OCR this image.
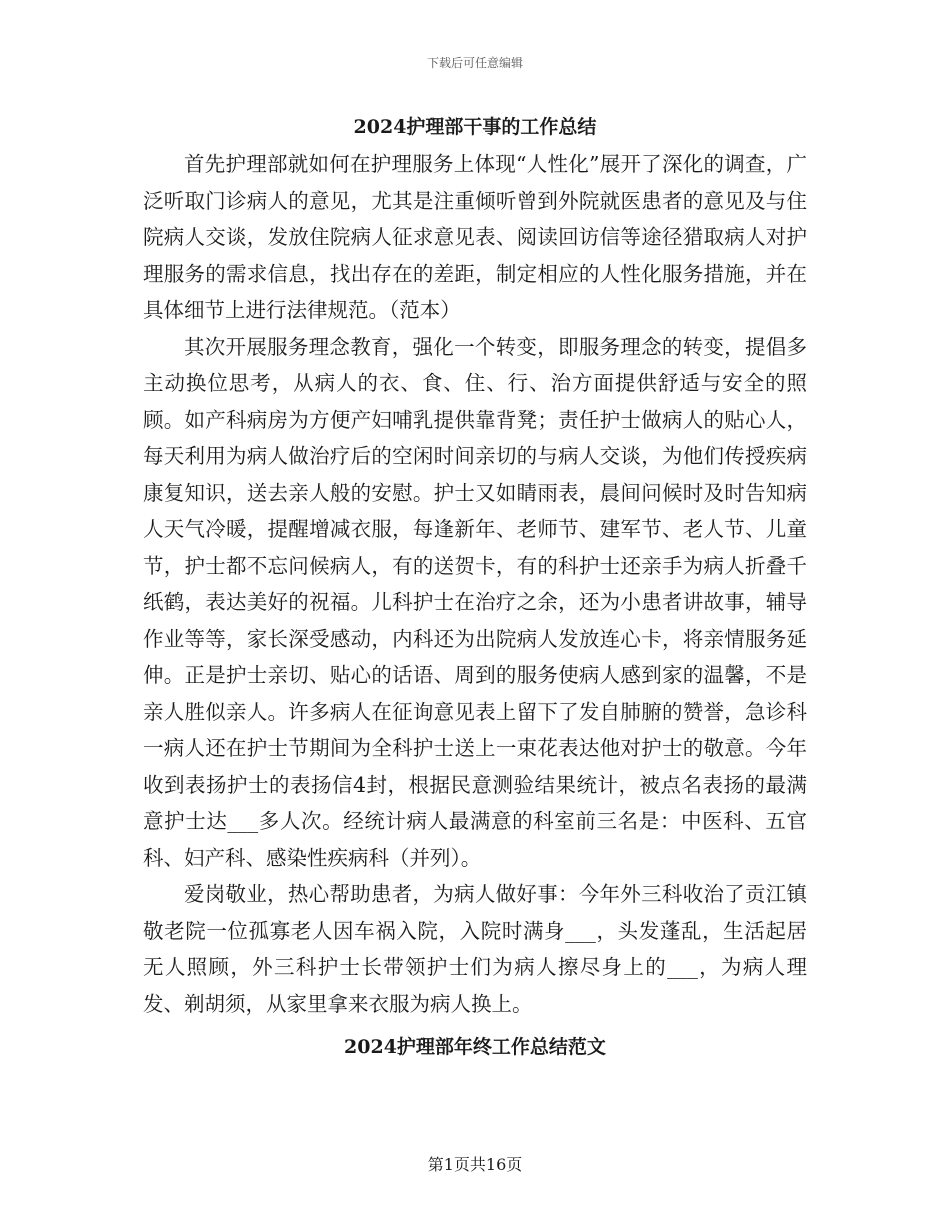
下载后可任意编辑
2024护理部干事的工作总结

首先护理部就如何在护理服务上体现“人性化”展开了深化的调查，广泛听取门诊病人的意见，尤其是注重倾听曾到外院就医患者的意见及与住院病人交谈，发放住院病人征求意见表、阅读回访信等途径猎取病人对护理服务的需求信息，找出存在的差距，制定相应的人性化服务措施，并在具体细节上进行法律规范。（范本）

其次开展服务理念教育，强化一个转变，即服务理念的转变，提倡多主动换位思考，从病人的衣、食、住、行、治方面提供舒适与安全的照顾。如产科病房为方便产妇哺乳提供靠背凳；责任护士做病人的贴心人，每天利用为病人做治疗后的空闲时间亲切的与病人交谈，为他们传授疾病康复知识，送去亲人般的安慰。护士又如睛雨表，晨间问候时及时告知病人天气冷暖，提醒增减衣服，每逢新年、老师节、建军节、老人节、儿童节，护士都不忘问候病人，有的送贺卡，有的科护士还亲手为病人折叠千纸鹤，表达美好的祝福。儿科护士在治疗之余，还为小患者讲故事，辅导作业等等，家长深受感动，内科还为出院病人发放连心卡，将亲情服务延伸。正是护士亲切、贴心的话语、周到的服务使病人感到家的温馨，不是亲人胜似亲人。许多病人在征询意见表上留下了发自肺腑的赞誉，急诊科一病人还在护士节期间为全科护士送上一束花表达他对护士的敬意。今年收到表扬护士的表扬信4封，根据民意测验结果统计，被点名表扬的最满意护士达___多人次。经统计病人最满意的科室前三名是：中医科、五官科、妇产科、感染性疾病科（并列）。

爱岗敬业，热心帮助患者，为病人做好事：今年外三科收治了贡江镇敬老院一位孤寡老人因车祸入院，入院时满身___，头发蓬乱，生活起居无人照顾，外三科护士长带领护士们为病人擦尽身上的___，为病人理发、剃胡须，从家里拿来衣服为病人换上。

2024护理部年终工作总结范文
第1页共16页
